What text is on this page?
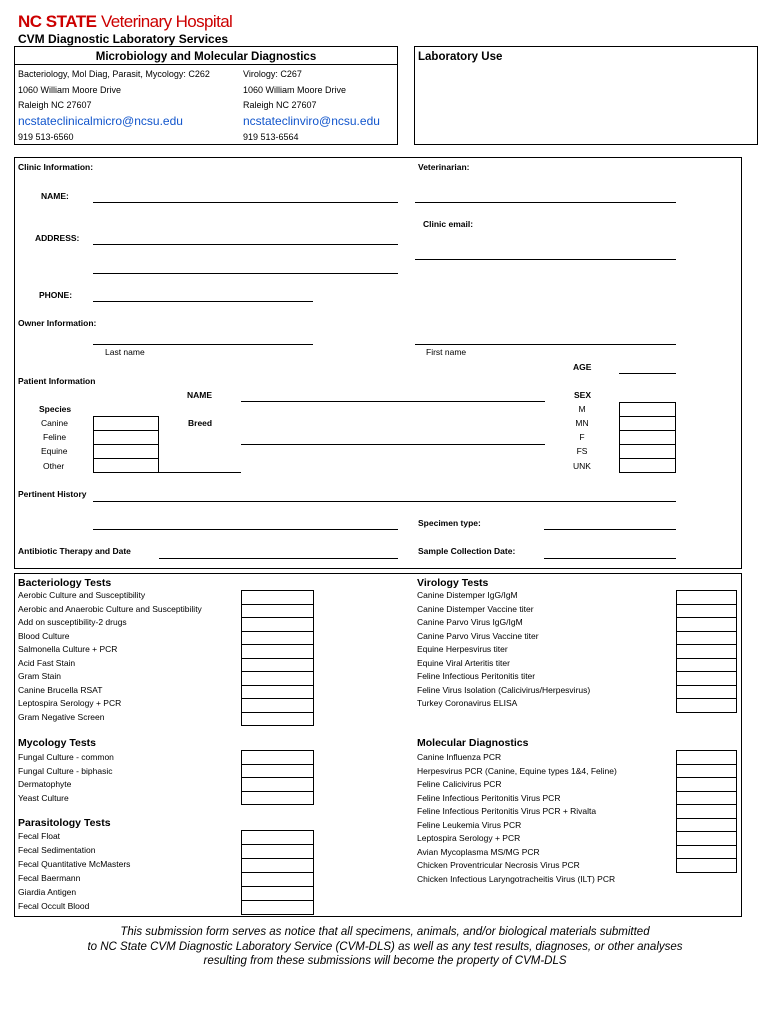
NC STATE Veterinary Hospital
CVM Diagnostic Laboratory Services
Microbiology and Molecular Diagnostics
Bacteriology, Mol Diag, Parasit, Mycology: C262
1060 William Moore Drive
Raleigh NC 27607
ncstateclinicalmicro@ncsu.edu
919 513-6560
Virology: C267
1060 William Moore Drive
Raleigh NC 27607
ncstateclinviro@ncsu.edu
919 513-6564
Laboratory Use
Clinic Information:	Veterinarian:
NAME:
Clinic email:
ADDRESS:
PHONE:
Owner Information:
Last name	First name
AGE
Patient Information
NAME	SEX
Species
Canine
Feline
Equine
Other
Breed
M
MN
F
FS
UNK
Pertinent History
Specimen type:
Antibiotic Therapy and Date	Sample Collection Date:
Bacteriology Tests
Aerobic Culture and Susceptibility
Aerobic and Anaerobic Culture and Susceptibility
Add on susceptibility-2 drugs
Blood Culture
Salmonella Culture + PCR
Acid Fast Stain
Gram Stain
Canine Brucella RSAT
Leptospira Serology + PCR
Gram Negative Screen
Virology Tests
Canine Distemper IgG/IgM
Canine Distemper Vaccine titer
Canine Parvo Virus IgG/IgM
Canine Parvo Virus Vaccine titer
Equine Herpesvirus titer
Equine Viral Arteritis titer
Feline Infectious Peritonitis titer
Feline Virus Isolation (Calicivirus/Herpesvirus)
Turkey Coronavirus ELISA
Mycology Tests
Fungal Culture - common
Fungal Culture - biphasic
Dermatophyte
Yeast Culture
Parasitology Tests
Fecal Float
Fecal Sedimentation
Fecal Quantitative McMasters
Fecal Baermann
Giardia Antigen
Fecal Occult Blood
Molecular Diagnostics
Canine Influenza PCR
Herpesvirus PCR (Canine, Equine types 1&4, Feline)
Feline Calicivirus PCR
Feline Infectious Peritonitis Virus PCR
Feline Infectious Peritonitis Virus PCR + Rivalta
Feline Leukemia Virus PCR
Leptospira Serology + PCR
Avian Mycoplasma MS/MG PCR
Chicken Proventricular Necrosis Virus PCR
Chicken Infectious Laryngotracheitis Virus (ILT) PCR
This submission form serves as notice that all specimens, animals, and/or biological materials submitted
to NC State CVM Diagnostic Laboratory Service (CVM-DLS) as well as any test results, diagnoses, or other analyses
resulting from these submissions will become the property of CVM-DLS
